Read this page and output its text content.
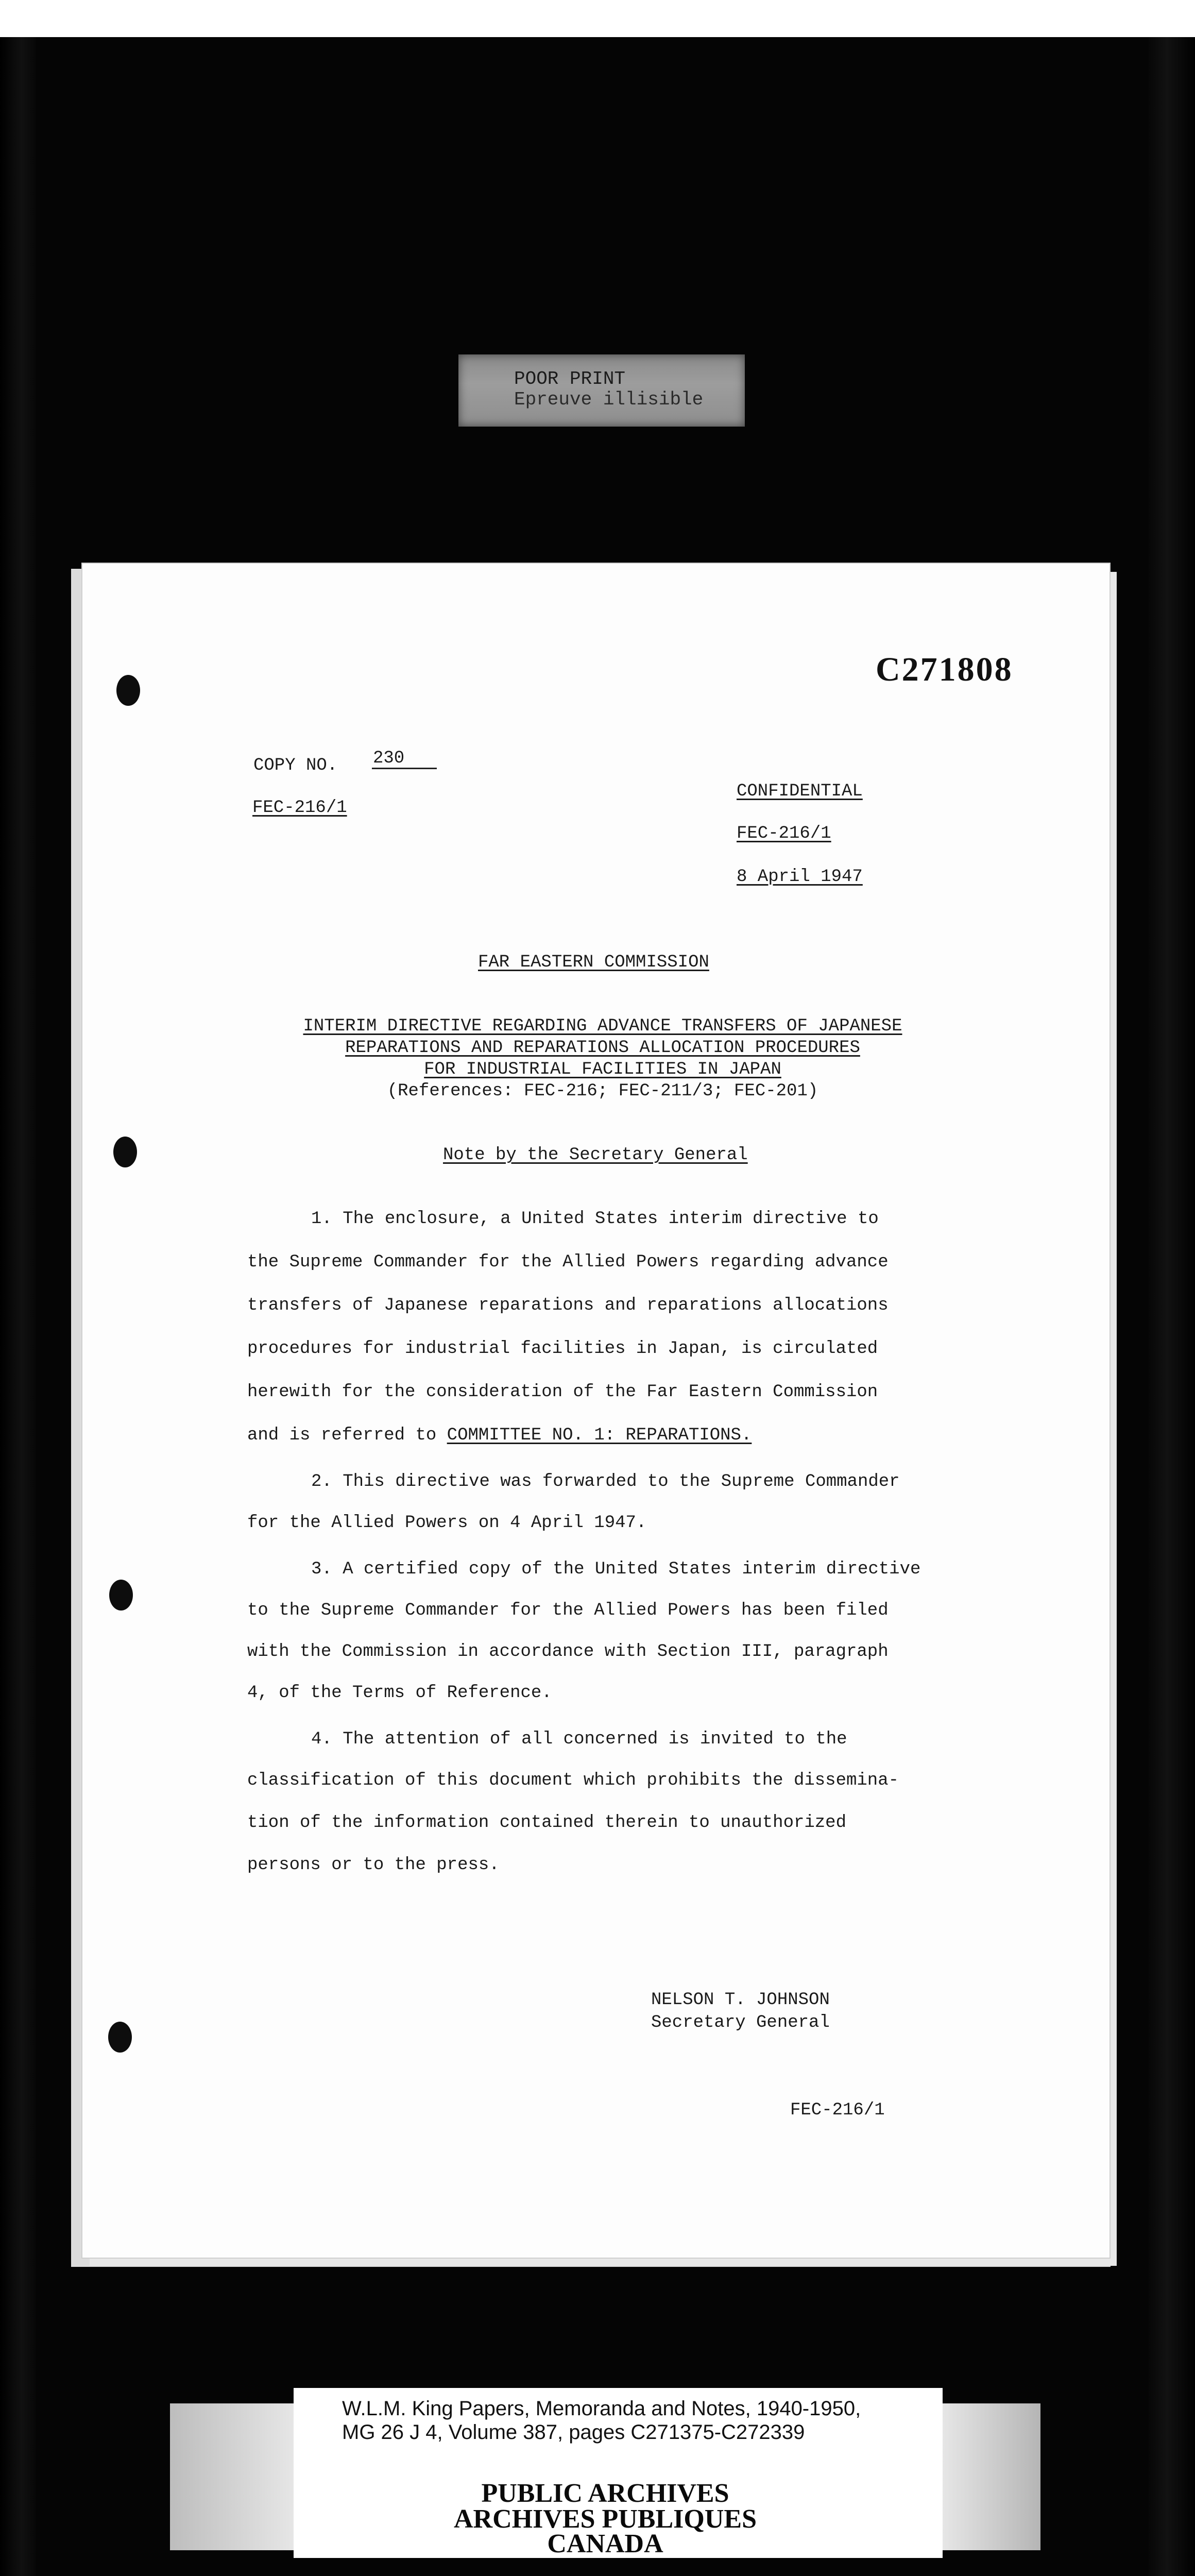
POOR PRINT
Epreuve illisible
C271808
COPY NO. 230
FEC-216/1
CONFIDENTIAL
FEC-216/1
8 April 1947
FAR EASTERN COMMISSION
INTERIM DIRECTIVE REGARDING ADVANCE TRANSFERS OF JAPANESE
REPARATIONS AND REPARATIONS ALLOCATION PROCEDURES
FOR INDUSTRIAL FACILITIES IN JAPAN
(References: FEC-216; FEC-211/3; FEC-201)
Note by the Secretary General
1. The enclosure, a United States interim directive to
the Supreme Commander for the Allied Powers regarding advance
transfers of Japanese reparations and reparations allocations
procedures for industrial facilities in Japan, is circulated
herewith for the consideration of the Far Eastern Commission
and is referred to COMMITTEE NO. 1: REPARATIONS.
2. This directive was forwarded to the Supreme Commander
for the Allied Powers on 4 April 1947.
3. A certified copy of the United States interim directive
to the Supreme Commander for the Allied Powers has been filed
with the Commission in accordance with Section III, paragraph
4, of the Terms of Reference.
4. The attention of all concerned is invited to the
classification of this document which prohibits the dissemina-
tion of the information contained therein to unauthorized
persons or to the press.
NELSON T. JOHNSON
Secretary General
FEC-216/1
W.L.M. King Papers, Memoranda and Notes, 1940-1950,
MG 26 J 4, Volume 387, pages C271375-C272339
PUBLIC ARCHIVES
ARCHIVES PUBLIQUES
CANADA
